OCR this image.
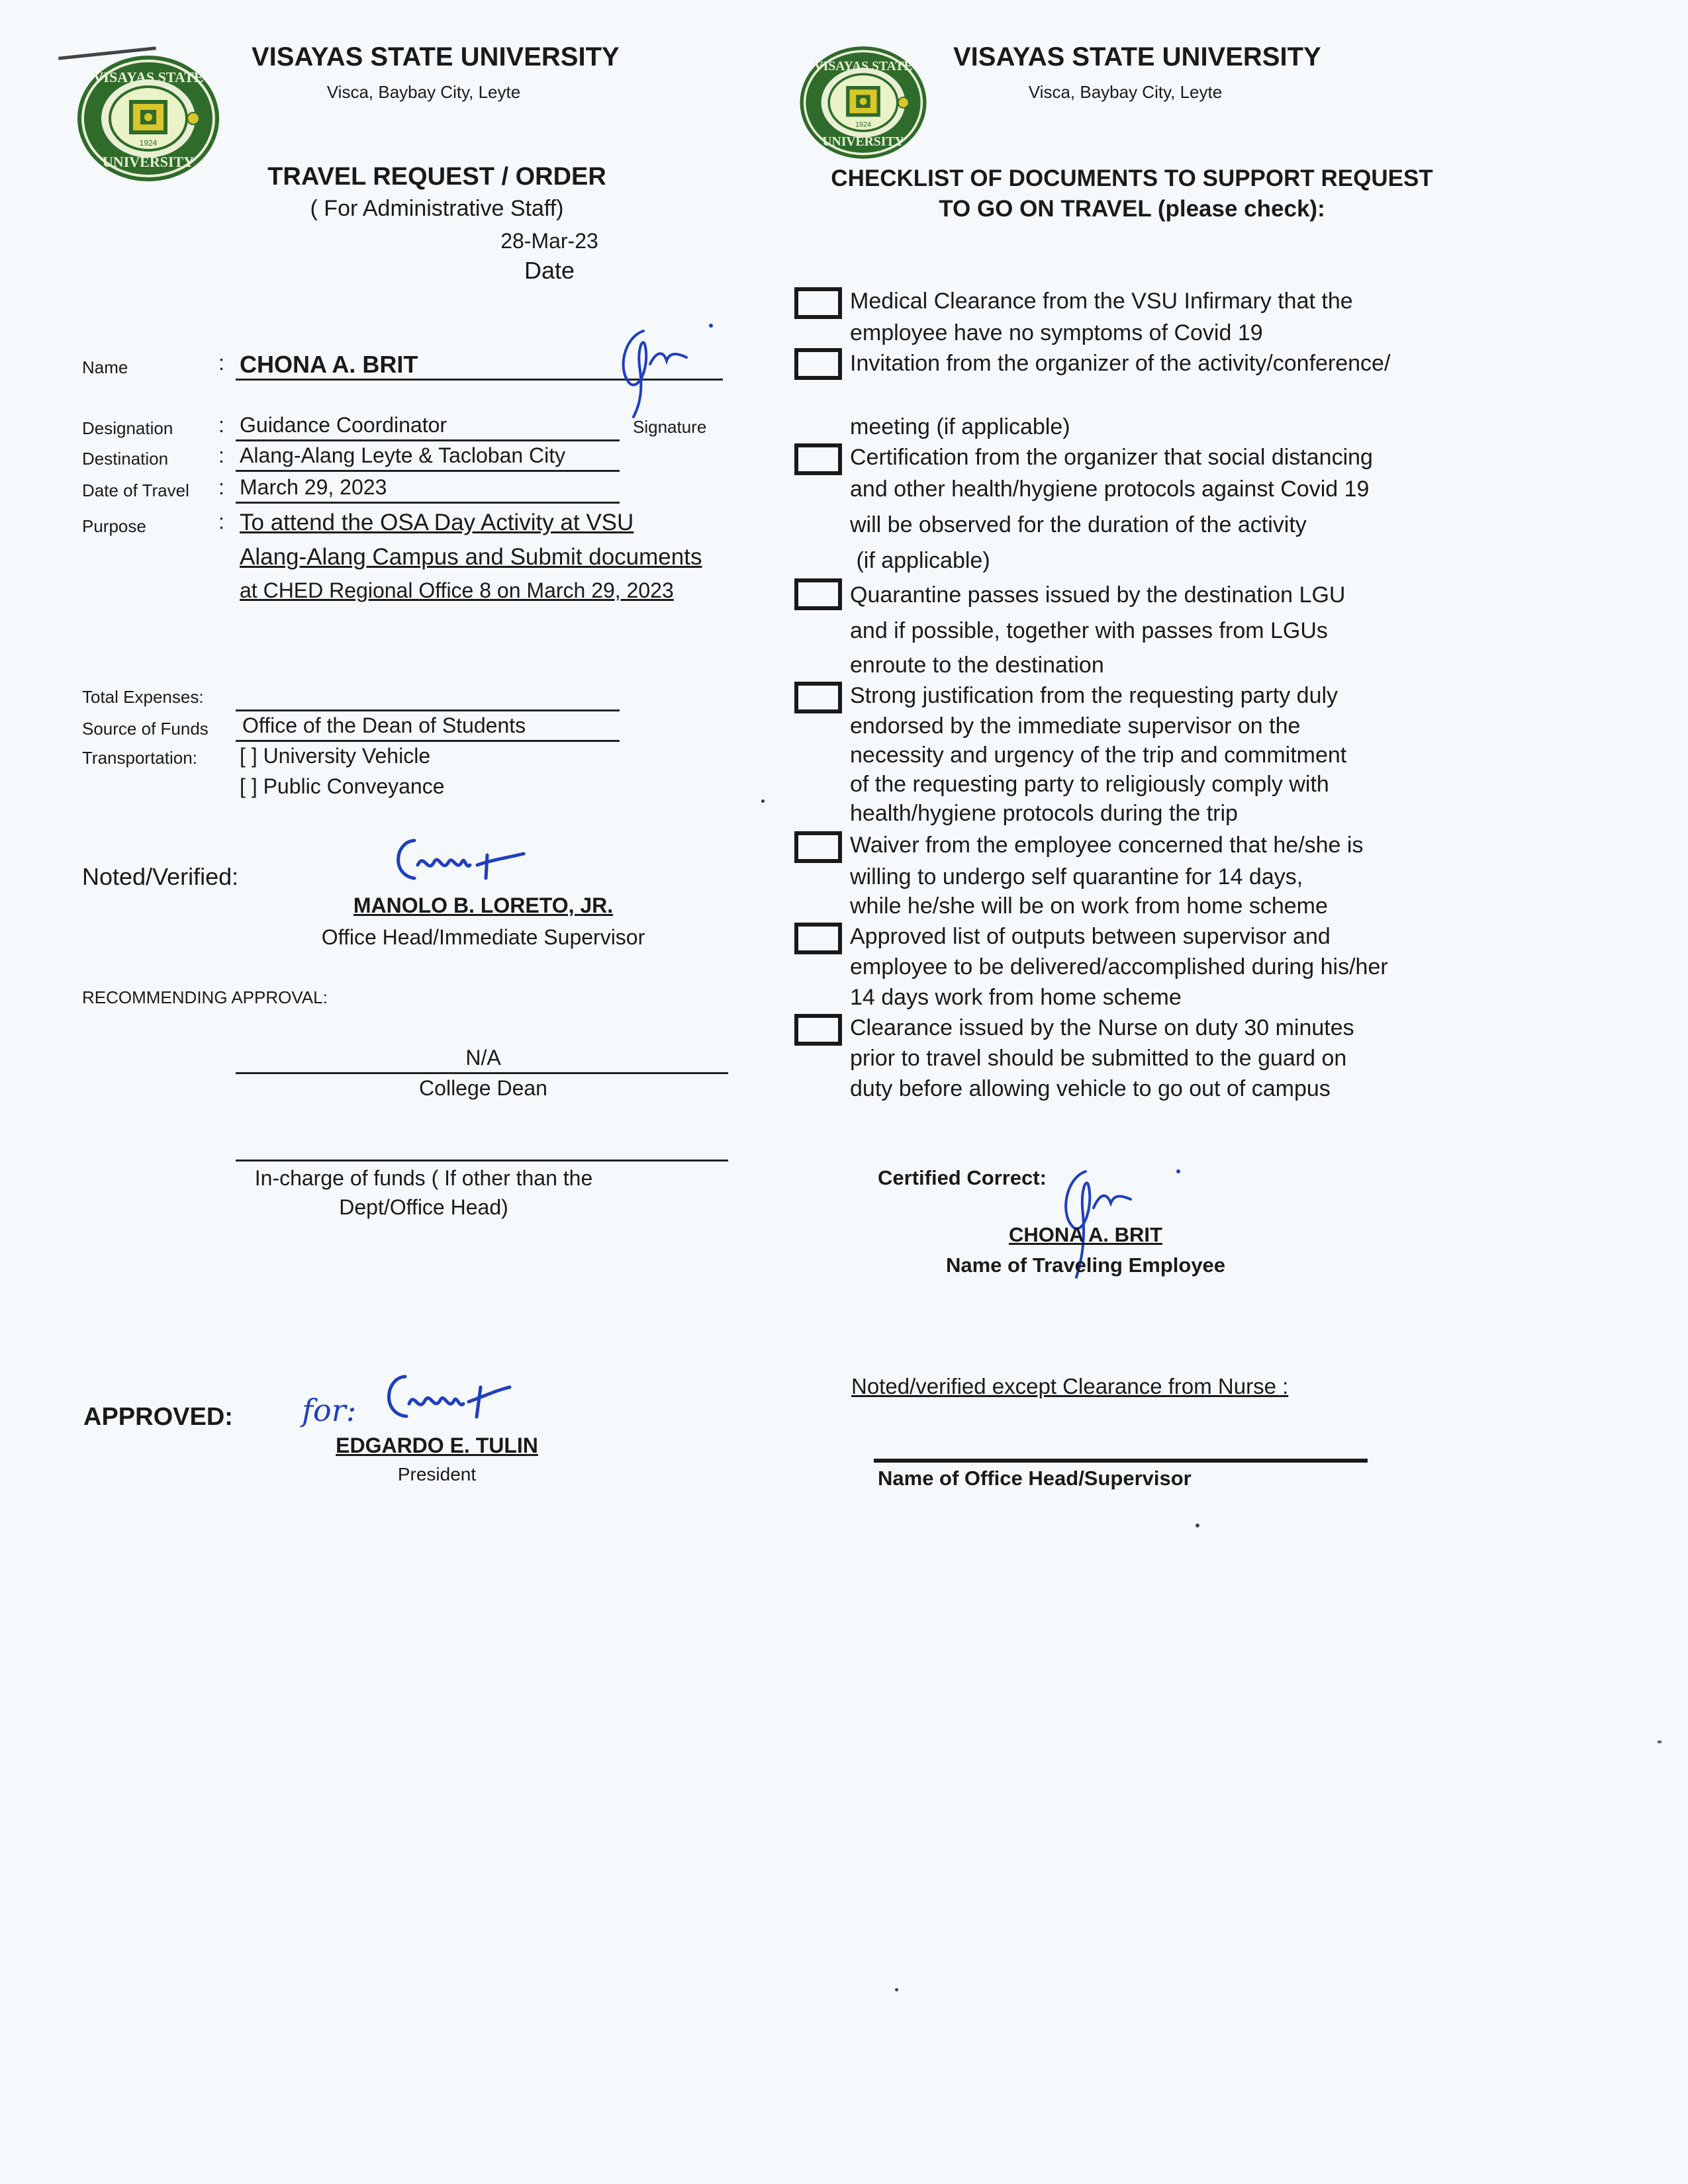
VISAYAS STATE
UNIVERSITY
1924
VISAYAS STATE UNIVERSITY
Visca, Baybay City, Leyte
TRAVEL REQUEST / ORDER
( For Administrative Staff)
28-Mar-23
Date
Name	: CHONA A. BRIT
Signature
Designation : Guidance Coordinator
Destination : Alang-Alang Leyte & Tacloban City
Date of Travel : March 29, 2023
Purpose	: To attend the OSA Day Activity at VSU
Alang-Alang Campus and Submit documents
at CHED Regional Office 8 on March 29, 2023
Total Expenses:
Source of Funds Office of the Dean of Students
Transportation: [ ] University Vehicle
[ ] Public Conveyance
Noted/Verified:
MANOLO B. LORETO, JR.
Office Head/Immediate Supervisor
RECOMMENDING APPROVAL:
N/A
College Dean
In-charge of funds ( If other than the
Dept/Office Head)
APPROVED: for:
EDGARDO E. TULIN
President
VISAYAS STATE
UNIVERSITY
1924
VISAYAS STATE UNIVERSITY
Visca, Baybay City, Leyte
CHECKLIST OF DOCUMENTS TO SUPPORT REQUEST
TO GO ON TRAVEL (please check):
Medical Clearance from the VSU Infirmary that the
employee have no symptoms of Covid 19
Invitation from the organizer of the activity/conference/
meeting (if applicable)
Certification from the organizer that social distancing
and other health/hygiene protocols against Covid 19
will be observed for the duration of the activity
(if applicable)
Quarantine passes issued by the destination LGU
and if possible, together with passes from LGUs
enroute to the destination
Strong justification from the requesting party duly
endorsed by the immediate supervisor on the
necessity and urgency of the trip and commitment
of the requesting party to religiously comply with
health/hygiene protocols during the trip
Waiver from the employee concerned that he/she is
willing to undergo self quarantine for 14 days,
while he/she will be on work from home scheme
Approved list of outputs between supervisor and
employee to be delivered/accomplished during his/her
14 days work from home scheme
Clearance issued by the Nurse on duty 30 minutes
prior to travel should be submitted to the guard on
duty before allowing vehicle to go out of campus
Certified Correct:
CHONA A. BRIT
Name of Traveling Employee
Noted/verified except Clearance from Nurse :
Name of Office Head/Supervisor
